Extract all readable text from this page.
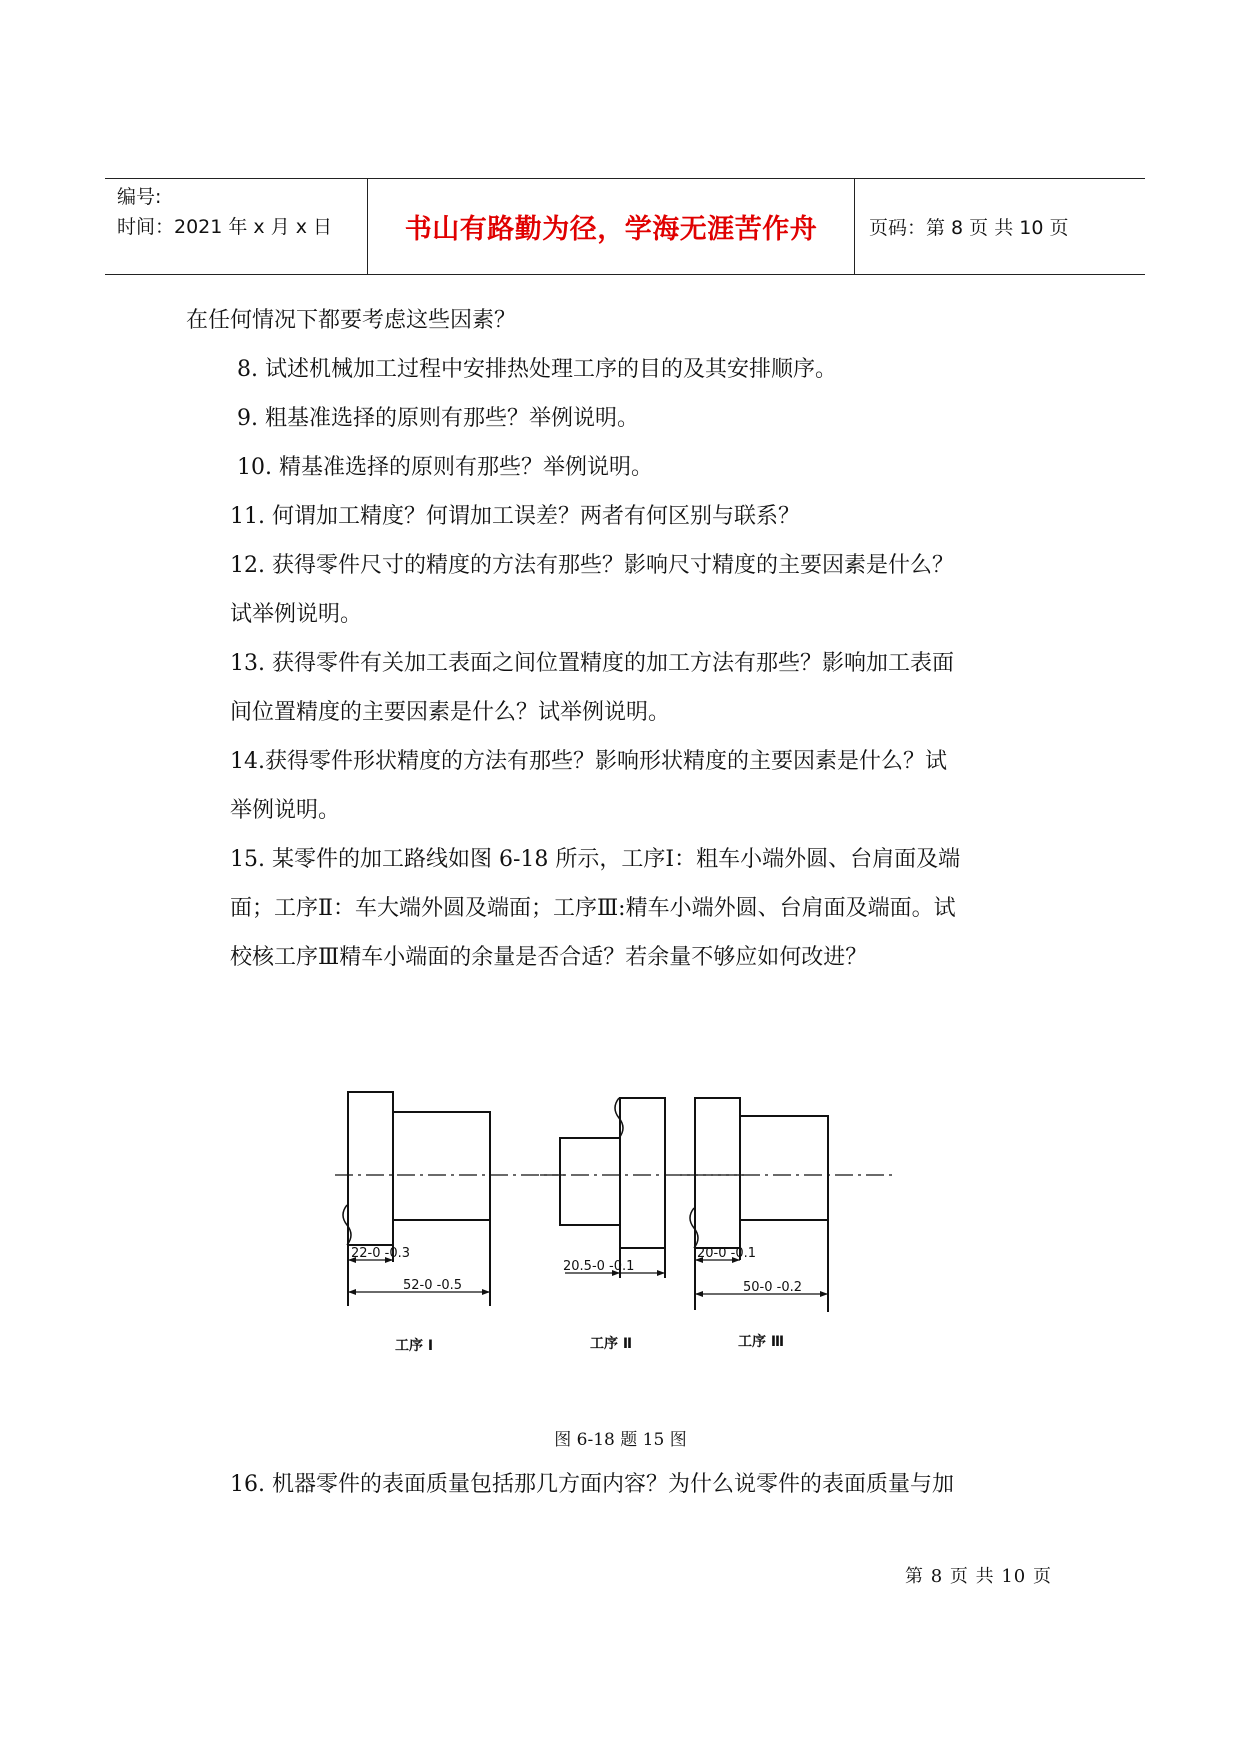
编号:
时间：2021 年 x 月 x 日	书山有路勤为径，学海无涯苦作舟	页码：第 8 页 共 10 页
在任何情况下都要考虑这些因素？
8. 试述机械加工过程中安排热处理工序的目的及其安排顺序。
9. 粗基准选择的原则有那些？举例说明。
10. 精基准选择的原则有那些？举例说明。
11. 何谓加工精度？何谓加工误差？两者有何区别与联系？
12. 获得零件尺寸的精度的方法有那些？影响尺寸精度的主要因素是什么？
试举例说明。
13. 获得零件有关加工表面之间位置精度的加工方法有那些？影响加工表面
间位置精度的主要因素是什么？试举例说明。
14.获得零件形状精度的方法有那些？影响形状精度的主要因素是什么？试
举例说明。
15. 某零件的加工路线如图 6-18 所示，工序Ⅰ：粗车小端外圆、台肩面及端
面；工序Ⅱ：车大端外圆及端面；工序Ⅲ:精车小端外圆、台肩面及端面。试
校核工序Ⅲ精车小端面的余量是否合适？若余量不够应如何改进？
16. 机器零件的表面质量包括那几方面内容？为什么说零件的表面质量与加
22-0 -0.3
52-0 -0.5
工序 I
20.5-0 -0.1
工序 Ⅱ
20-0 -0.1
50-0 -0.2
工序 Ⅲ
图 6-18 题 15 图
第 8 页 共 10 页
